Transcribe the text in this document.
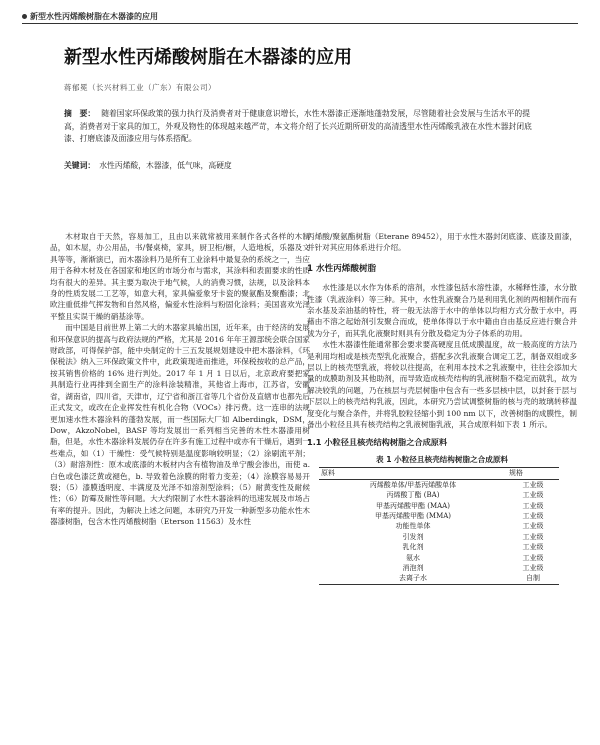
新型水性丙烯酸树脂在木器漆的应用
新型水性丙烯酸树脂在木器漆的应用
蒋郁冕（长兴材料工业（广东）有限公司）
摘　要： 随着国家环保政策的强力执行及消费者对于健康意识增长，水性木器漆正逐渐地蓬勃发展，尽管随着社会发展与生活水平的提高，消费者对于家具的加工，外观及物性的体现越来越严苛，本文将介绍了长兴近期所研发的高清透型水性丙烯酸乳液在水性木器封闭底漆、打磨底漆及面漆应用与体系搭配。
关键词： 水性丙烯酸，木器漆，低气味，高硬度

木材取自于天然，容易加工，且由以来就常被用来制作各式各样的木制品，如木屋，办公用品，书/餐桌椅，家具，厨卫柜/橱，人造地板，乐器及文具等等，渐渐演已，而木器涂料乃是所有工业涂料中最复杂的系统之一，当应用于各种木材及在各国家和地区的市场分布与需求，其涂料和表面要求的性质均有很大的差异。其主要为取决于地气候，人的消费习惯，法规，以及涂料本身的性质发展二工艺等，如意大利，家具偏爱象牙卡瓷的聚氨酯及聚酯漆；北欧注重低排气挥发物和自然风格，偏爱水性涂料与粉固化涂料；美国喜欢光泽平整且实误干燥的硝基涂等。

而中国是目前世界上第二大的木器家具输出国，近年来，由于经济的发展和环保意识的提高与政府法规的严格，尤其是 2016 年年王源部统会联合国家财政部，可得保护部，能中央制定的十三五发展规划建设中把木器涂料，《环保税法》纳入三环保政策文件中，此政策现进而推进，环保税按收的总产品，按其销售价格的 16% 进行判处。2017 年 1 月 1 日以后，北京政府要把家具制造行业再排到全面生产的涂料涂装精准，其他省上海市，江苏省，安徽省，湖南省，四川省，天津市，辽宁省和浙江省等几个省份及直辖市也都先后正式发文，或改在企业挥发性有机化合物（VOCs）排污费。这一连串的法规更加速水性木器涂料的蓬勃发展，而一些国际大厂如 Alberdingk，DSM，Dow，AkzoNobel，BASF 等均发展出一系列相当完善的木性木器漆用树脂，但是，水性木器涂料发展仍存在许多有施工过程中或亦有干燥后，遇到一些难点，如（1）干燥性：受气候特别是温度影响较明显；（2）涂刷流平剂；（3）耐溶剂性：原木或底漆的木板材内含有植物油及单宁酸会渗出，而使 a. 白色或色漆泛黄或褪色，b. 导致着色涂膜的附着力变差；（4）涂膜容易易开裂；（5）漆膜透明度、丰满度及光泽不如溶剂型涂料；（5）耐黄变性及耐候性；（6）防霉及耐性等问题。大大约限制了水性木器涂料的迅速发展及市场占有率的提升。因此，为解决上述之问题，本研究乃开发一种新型多功能水性木器漆树脂，包含木性丙烯酸树脂（Eterson 11563）及水性

丙烯酸/聚氨酯树脂（Eterane 89452），用于水性木器封闭底漆、底漆及面漆，并针对其应用体系进行介绍。

1 水性丙烯酸树脂

水性漆是以水作为体系的溶剂，水性漆包括水溶性漆，水稀释性漆，水分散性漆（乳液涂料）等三种。其中，水性乳液聚合乃是利用乳化剂的两相制作而有亲水基及亲油基的特性，将一般无法溶于水中的单体以均相方式分散于水中，再藉由不溶之起始剂引发聚合而成，使单体得以于水中籍由自由基反应进行聚合并成为分子，而其乳化液聚时则具有分散及稳定为分子体系的功用。

水性木器漆性能通常都会要求要高硬度且低成膜温度，故一般高度的方法乃是利用均相或是核壳型乳化液聚合，搭配多次乳液聚合调定工艺，制备双组或多层以上的核壳型乳液，将较以往提高，在利用本技术之乳液聚中，往往会添加大量的成膜助剂及其他助剂，而导致造成核壳结构的乳液树脂不稳定而就乳，故为解决较乳的问题，乃在核层与壳层树脂中包含有一些多层核中层，以封套于层与下层以上的核壳结构乳液，因此，本研究乃尝试调整树脂的核与壳的玻璃转移温度变化与聚合条件，并将乳胶粒径缩小到 100 nm 以下，改善树脂的成膜性，制备出小粒径且具有核壳结构之乳液树脂乳液，其合成原料如下表 1 所示。

1.1 小粒径且核壳结构树脂之合成原料
表 1 小粒径且核壳结构树脂之合成原料
原料	规格
丙烯酸单体/甲基丙烯酸单体	工业级
丙烯酸丁酯 (BA)	工业级
甲基丙烯酸甲酯 (MAA)	工业级
甲基丙烯酸甲酯 (MMA)	工业级
功能性单体	工业级
引发剂	工业级
乳化剂	工业级
氨水	工业级
消泡剂	工业级
去离子水	自制
